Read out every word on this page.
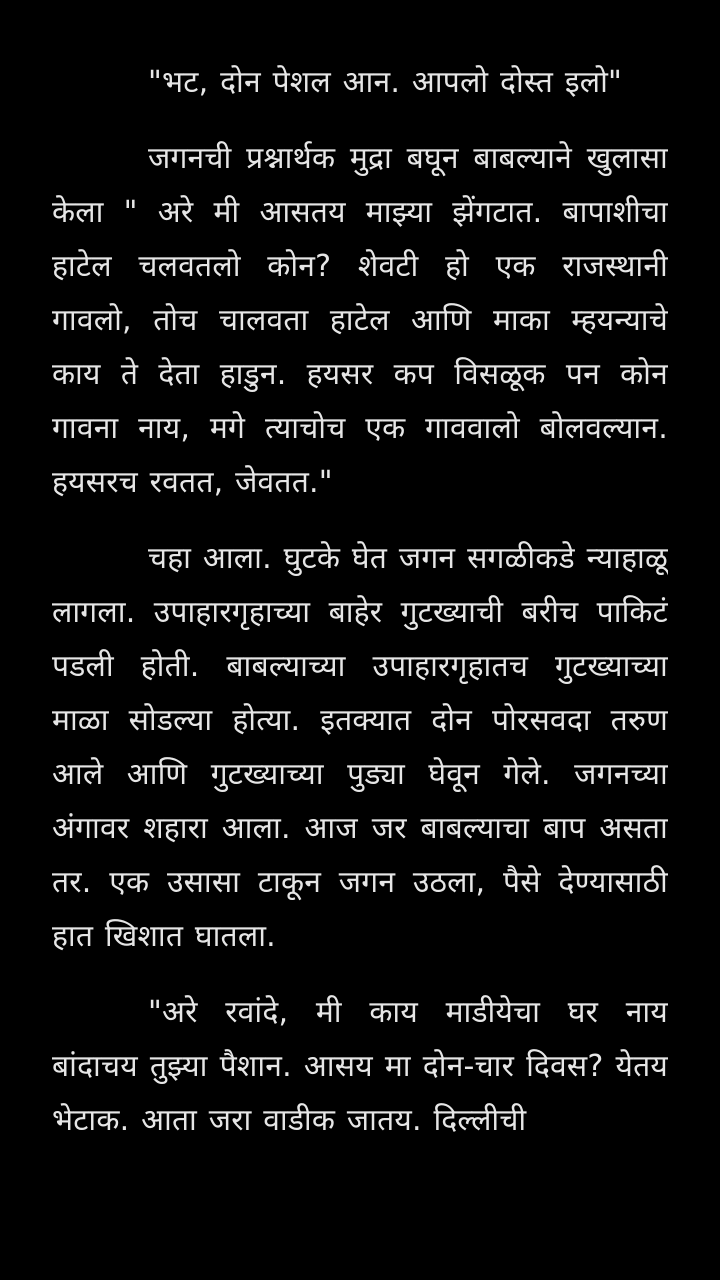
"भट, दोन पेशल आन. आपलो दोस्त इलो"

जगनची प्रश्नार्थक मुद्रा बघून बाबल्याने खुलासा केला " अरे मी आसतय माझ्या झेंगटात. बापाशीचा हाटेल चलवतलो कोन? शेवटी हो एक राजस्थानी गावलो, तोच चालवता हाटेल आणि माका म्हयन्याचे काय ते देता हाडुन. हयसर कप विसळूक पन कोन गावना नाय, मगे त्याचोच एक गाववालो बोलवल्यान. हयसरच रवतत, जेवतत."

चहा आला. घुटके घेत जगन सगळीकडे न्याहाळू लागला. उपाहारगृहाच्या बाहेर गुटख्याची बरीच पाकिटं पडली होती. बाबल्याच्या उपाहारगृहातच गुटख्याच्या माळा सोडल्या होत्या. इतक्यात दोन पोरसवदा तरुण आले आणि गुटख्याच्या पुड्या घेवून गेले. जगनच्या अंगावर शहारा आला. आज जर बाबल्याचा बाप असता तर. एक उसासा टाकून जगन उठला, पैसे देण्यासाठी हात खिशात घातला.

"अरे रवांदे, मी काय माडीयेचा घर नाय बांदाचय तुझ्या पैशान. आसय मा दोन-चार दिवस? येतय भेटाक. आता जरा वाडीक जातय. दिल्लीची
